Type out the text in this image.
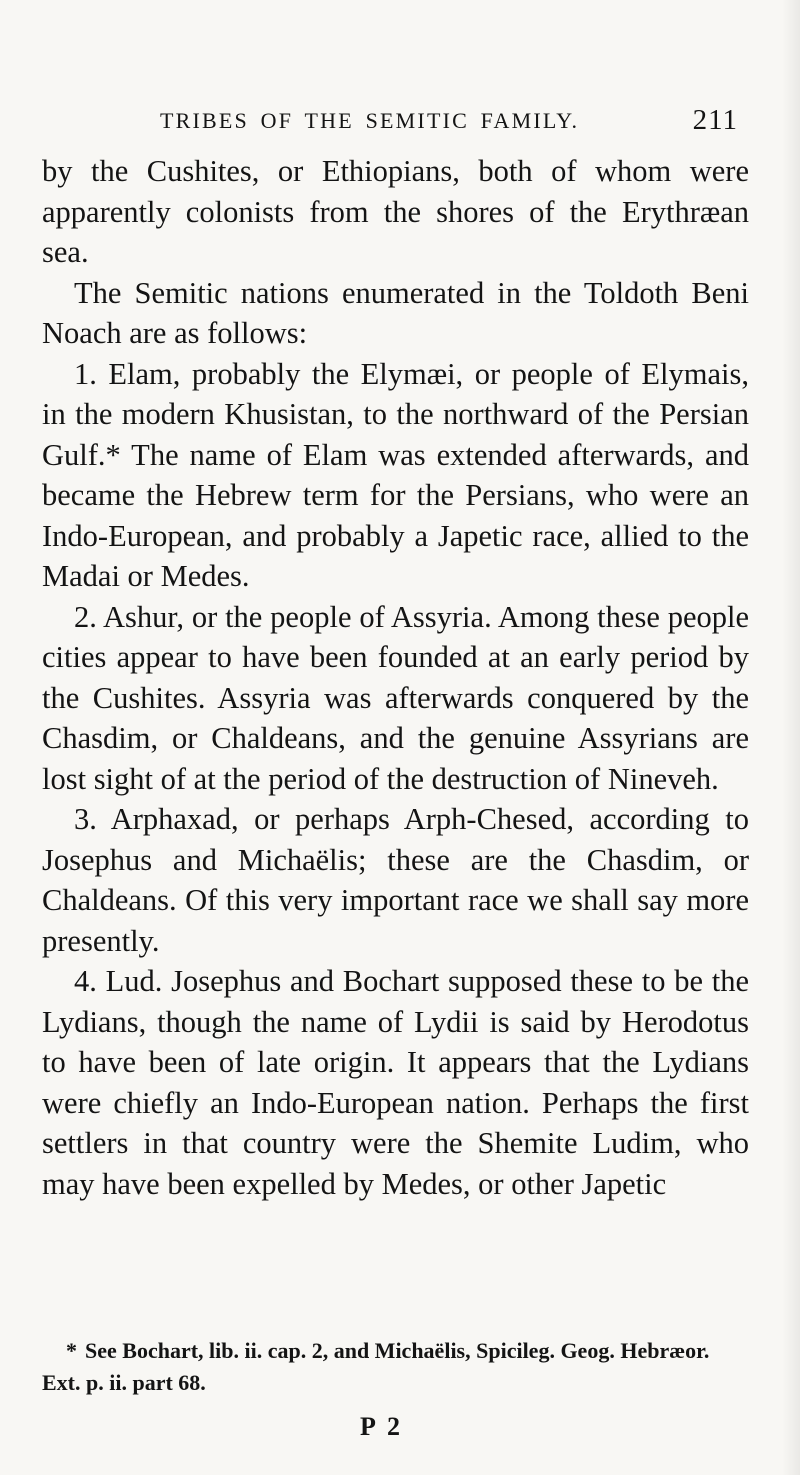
TRIBES OF THE SEMITIC FAMILY.	211

by the Cushites, or Ethiopians, both of whom were apparently colonists from the shores of the Erythræan sea.

The Semitic nations enumerated in the Toldoth Beni Noach are as follows:

1. Elam, probably the Elymæi, or people of Elymais, in the modern Khusistan, to the northward of the Persian Gulf.* The name of Elam was extended afterwards, and became the Hebrew term for the Persians, who were an Indo-European, and probably a Japetic race, allied to the Madai or Medes.

2. Ashur, or the people of Assyria. Among these people cities appear to have been founded at an early period by the Cushites. Assyria was afterwards conquered by the Chasdim, or Chaldeans, and the genuine Assyrians are lost sight of at the period of the destruction of Nineveh.

3. Arphaxad, or perhaps Arph-Chesed, according to Josephus and Michaëlis; these are the Chasdim, or Chaldeans. Of this very important race we shall say more presently.

4. Lud. Josephus and Bochart supposed these to be the Lydians, though the name of Lydii is said by Herodotus to have been of late origin. It appears that the Lydians were chiefly an Indo-European nation. Perhaps the first settlers in that country were the Shemite Ludim, who may have been expelled by Medes, or other Japetic

* See Bochart, lib. ii. cap. 2, and Michaëlis, Spicileg. Geog. Hebræor. Ext. p. ii. part 68.
P 2
